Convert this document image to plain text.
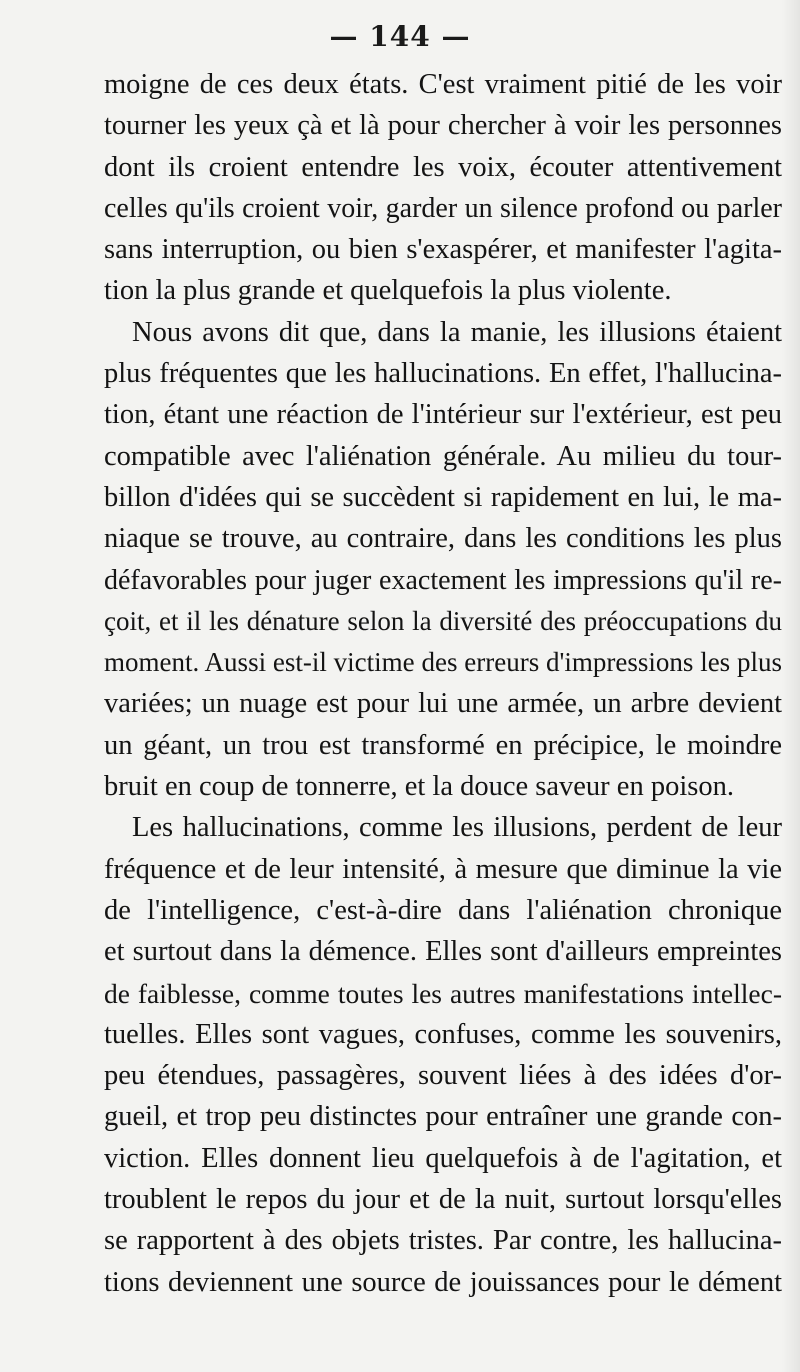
— 144 —
moigne de ces deux états. C'est vraiment pitié de les voir
tourner les yeux çà et là pour chercher à voir les personnes
dont ils croient entendre les voix, écouter attentivement
celles qu'ils croient voir, garder un silence profond ou parler
sans interruption, ou bien s'exaspérer, et manifester l'agita-
tion la plus grande et quelquefois la plus violente.
Nous avons dit que, dans la manie, les illusions étaient
plus fréquentes que les hallucinations. En effet, l'hallucina-
tion, étant une réaction de l'intérieur sur l'extérieur, est peu
compatible avec l'aliénation générale. Au milieu du tour-
billon d'idées qui se succèdent si rapidement en lui, le ma-
niaque se trouve, au contraire, dans les conditions les plus
défavorables pour juger exactement les impressions qu'il re-
çoit, et il les dénature selon la diversité des préoccupations du
moment. Aussi est-il victime des erreurs d'impressions les plus
variées; un nuage est pour lui une armée, un arbre devient
un géant, un trou est transformé en précipice, le moindre
bruit en coup de tonnerre, et la douce saveur en poison.
Les hallucinations, comme les illusions, perdent de leur
fréquence et de leur intensité, à mesure que diminue la vie
de l'intelligence, c'est-à-dire dans l'aliénation chronique
et surtout dans la démence. Elles sont d'ailleurs empreintes
de faiblesse, comme toutes les autres manifestations intellec-
tuelles. Elles sont vagues, confuses, comme les souvenirs,
peu étendues, passagères, souvent liées à des idées d'or-
gueil, et trop peu distinctes pour entraîner une grande con-
viction. Elles donnent lieu quelquefois à de l'agitation, et
troublent le repos du jour et de la nuit, surtout lorsqu'elles
se rapportent à des objets tristes. Par contre, les hallucina-
tions deviennent une source de jouissances pour le dément
